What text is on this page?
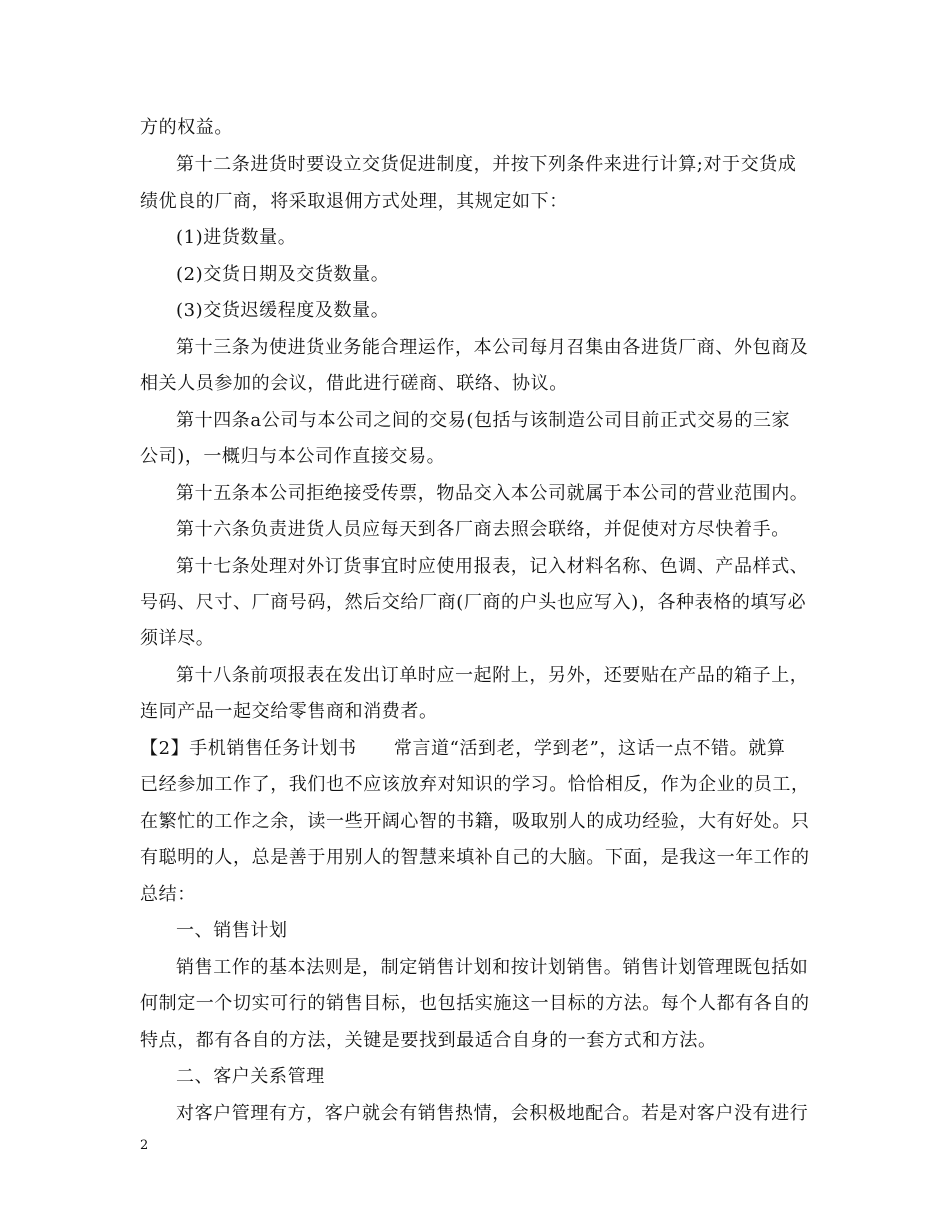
方的权益。
第十二条进货时要设立交货促进制度，并按下列条件来进行计算;对于交货成
绩优良的厂商，将采取退佣方式处理，其规定如下：
(1)进货数量。
(2)交货日期及交货数量。
(3)交货迟缓程度及数量。
第十三条为使进货业务能合理运作，本公司每月召集由各进货厂商、外包商及
相关人员参加的会议，借此进行磋商、联络、协议。
第十四条a公司与本公司之间的交易(包括与该制造公司目前正式交易的三家
公司)，一概归与本公司作直接交易。
第十五条本公司拒绝接受传票，物品交入本公司就属于本公司的营业范围内。
第十六条负责进货人员应每天到各厂商去照会联络，并促使对方尽快着手。
第十七条处理对外订货事宜时应使用报表，记入材料名称、色调、产品样式、
号码、尺寸、厂商号码，然后交给厂商(厂商的户头也应写入)，各种表格的填写必
须详尽。
第十八条前项报表在发出订单时应一起附上，另外，还要贴在产品的箱子上，
连同产品一起交给零售商和消费者。
【2】手机销售任务计划书　　常言道“活到老，学到老”，这话一点不错。就算
已经参加工作了，我们也不应该放弃对知识的学习。恰恰相反，作为企业的员工，
在繁忙的工作之余，读一些开阔心智的书籍，吸取别人的成功经验，大有好处。只
有聪明的人，总是善于用别人的智慧来填补自己的大脑。下面，是我这一年工作的
总结：
一、销售计划
销售工作的基本法则是，制定销售计划和按计划销售。销售计划管理既包括如
何制定一个切实可行的销售目标，也包括实施这一目标的方法。每个人都有各自的
特点，都有各自的方法，关键是要找到最适合自身的一套方式和方法。
二、客户关系管理
对客户管理有方，客户就会有销售热情，会积极地配合。若是对客户没有进行
2
